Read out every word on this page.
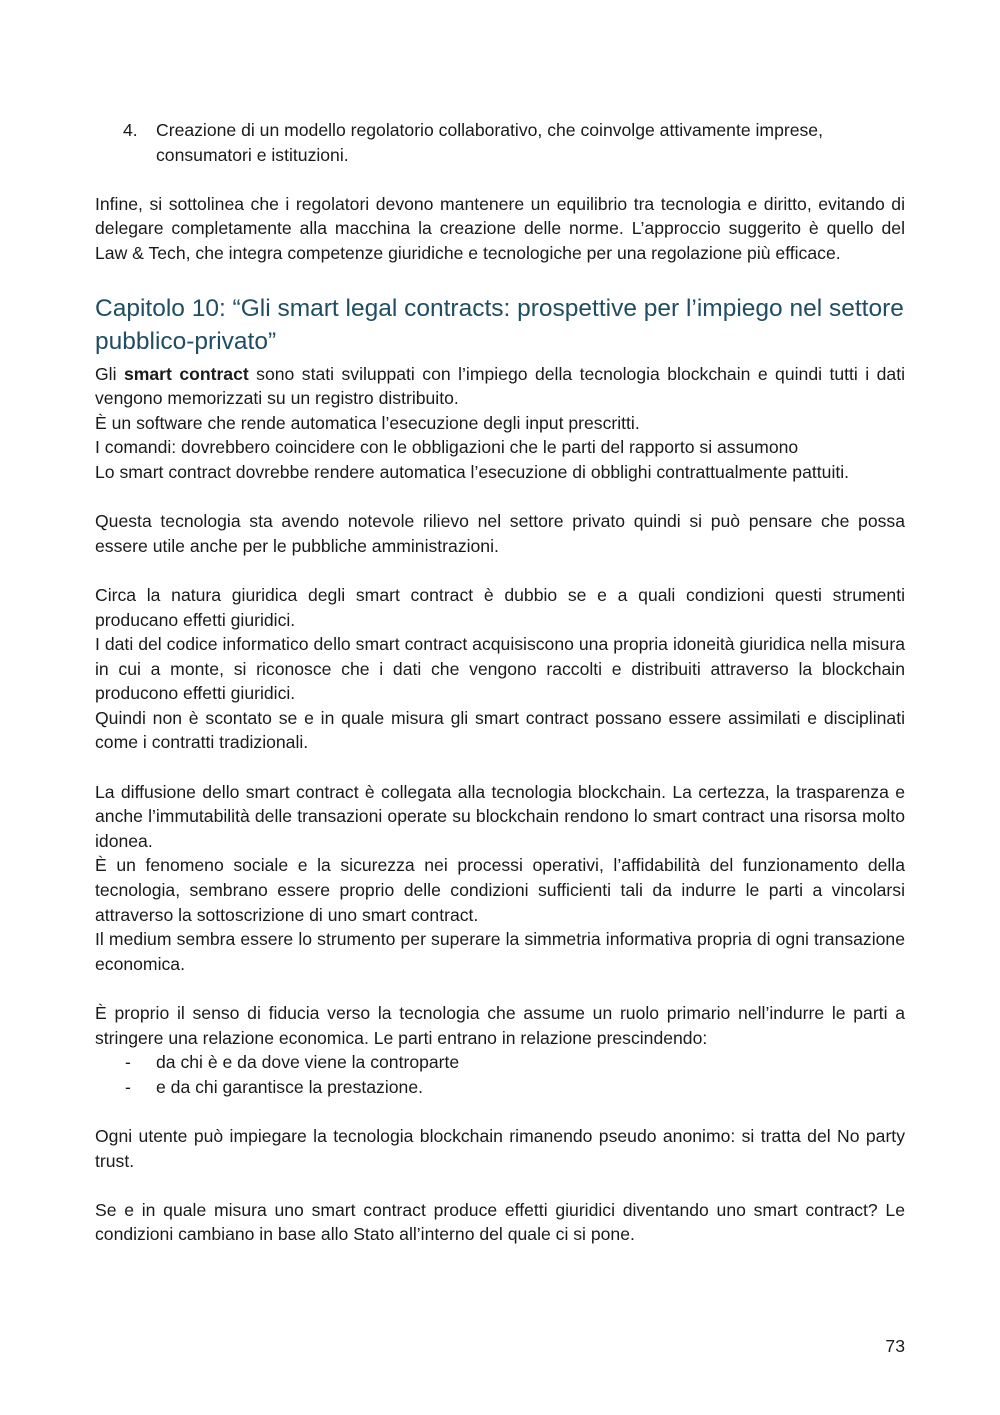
4.	Creazione di un modello regolatorio collaborativo, che coinvolge attivamente imprese, consumatori e istituzioni.

Infine, si sottolinea che i regolatori devono mantenere un equilibrio tra tecnologia e diritto, evitando di delegare completamente alla macchina la creazione delle norme. L’approccio suggerito è quello del Law & Tech, che integra competenze giuridiche e tecnologiche per una regolazione più efficace.

Capitolo 10: “Gli smart legal contracts: prospettive per l’impiego nel settore pubblico-privato”

Gli smart contract sono stati sviluppati con l’impiego della tecnologia blockchain e quindi tutti i dati vengono memorizzati su un registro distribuito.

È un software che rende automatica l’esecuzione degli input prescritti.

I comandi: dovrebbero coincidere con le obbligazioni che le parti del rapporto si assumono

Lo smart contract dovrebbe rendere automatica l’esecuzione di obblighi contrattualmente pattuiti.

Questa tecnologia sta avendo notevole rilievo nel settore privato quindi si può pensare che possa essere utile anche per le pubbliche amministrazioni.

Circa la natura giuridica degli smart contract è dubbio se e a quali condizioni questi strumenti producano effetti giuridici.

I dati del codice informatico dello smart contract acquisiscono una propria idoneità giuridica nella misura in cui a monte, si riconosce che i dati che vengono raccolti e distribuiti attraverso la blockchain producono effetti giuridici.

Quindi non è scontato se e in quale misura gli smart contract possano essere assimilati e disciplinati come i contratti tradizionali.

La diffusione dello smart contract è collegata alla tecnologia blockchain. La certezza, la trasparenza e anche l’immutabilità delle transazioni operate su blockchain rendono lo smart contract una risorsa molto idonea.

È un fenomeno sociale e la sicurezza nei processi operativi, l’affidabilità del funzionamento della tecnologia, sembrano essere proprio delle condizioni sufficienti tali da indurre le parti a vincolarsi attraverso la sottoscrizione di uno smart contract.

Il medium sembra essere lo strumento per superare la simmetria informativa propria di ogni transazione economica.

È proprio il senso di fiducia verso la tecnologia che assume un ruolo primario nell’indurre le parti a stringere una relazione economica. Le parti entrano in relazione prescindendo:

-	da chi è e da dove viene la controparte
-	e da chi garantisce la prestazione.

Ogni utente può impiegare la tecnologia blockchain rimanendo pseudo anonimo: si tratta del No party trust.

Se e in quale misura uno smart contract produce effetti giuridici diventando uno smart contract? Le condizioni cambiano in base allo Stato all’interno del quale ci si pone.

73
